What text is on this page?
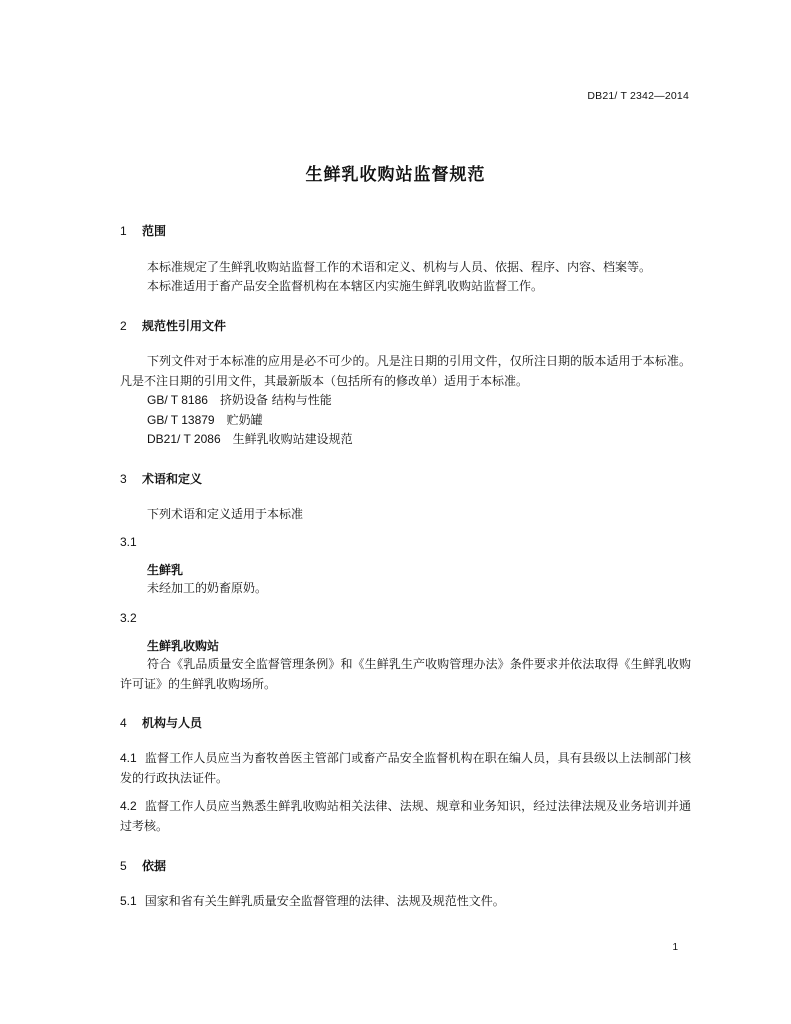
DB21/ T 2342—2014
生鲜乳收购站监督规范
1 范围
本标准规定了生鲜乳收购站监督工作的术语和定义、机构与人员、依据、程序、内容、档案等。
本标准适用于畜产品安全监督机构在本辖区内实施生鲜乳收购站监督工作。
2 规范性引用文件
下列文件对于本标准的应用是必不可少的。凡是注日期的引用文件，仅所注日期的版本适用于本标准。凡是不注日期的引用文件，其最新版本（包括所有的修改单）适用于本标准。
GB/ T 8186 挤奶设备 结构与性能
GB/ T 13879 贮奶罐
DB21/ T 2086 生鲜乳收购站建设规范
3 术语和定义
下列术语和定义适用于本标准
3.1
生鲜乳
未经加工的奶畜原奶。
3.2
生鲜乳收购站
符合《乳品质量安全监督管理条例》和《生鲜乳生产收购管理办法》条件要求并依法取得《生鲜乳收购许可证》的生鲜乳收购场所。
4 机构与人员
4.1 监督工作人员应当为畜牧兽医主管部门或畜产品安全监督机构在职在编人员，具有县级以上法制部门核发的行政执法证件。
4.2 监督工作人员应当熟悉生鲜乳收购站相关法律、法规、规章和业务知识，经过法律法规及业务培训并通过考核。
5 依据
5.1 国家和省有关生鲜乳质量安全监督管理的法律、法规及规范性文件。
1
